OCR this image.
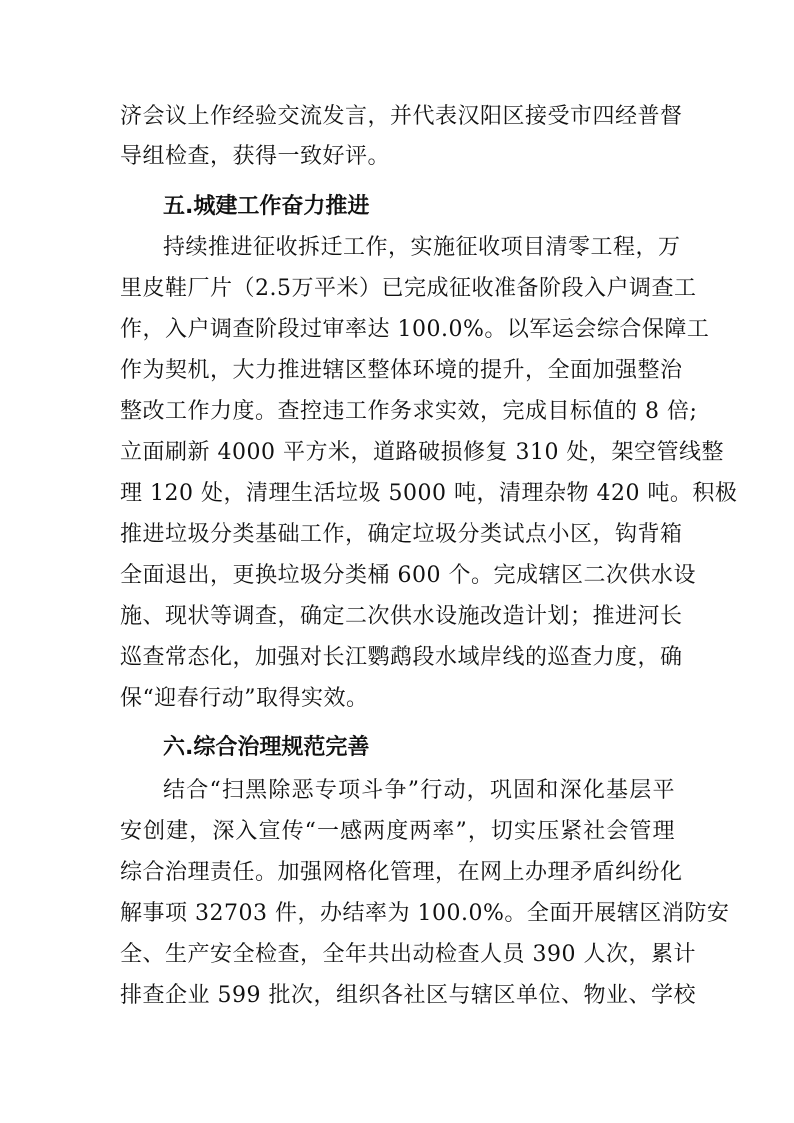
济会议上作经验交流发言，并代表汉阳区接受市四经普督
导组检查，获得一致好评。
五.城建工作奋力推进
持续推进征收拆迁工作，实施征收项目清零工程，万
里皮鞋厂片（2.5万平米）已完成征收准备阶段入户调查工
作，入户调查阶段过审率达 100.0%。以军运会综合保障工
作为契机，大力推进辖区整体环境的提升，全面加强整治
整改工作力度。查控违工作务求实效，完成目标值的 8 倍;
立面刷新 4000 平方米，道路破损修复 310 处，架空管线整
理 120 处，清理生活垃圾 5000 吨，清理杂物 420 吨。积极
推进垃圾分类基础工作，确定垃圾分类试点小区，钩背箱
全面退出，更换垃圾分类桶 600 个。完成辖区二次供水设
施、现状等调查，确定二次供水设施改造计划；推进河长
巡查常态化，加强对长江鹦鹉段水域岸线的巡查力度，确
保“迎春行动”取得实效。
六.综合治理规范完善
结合“扫黑除恶专项斗争”行动，巩固和深化基层平
安创建，深入宣传“一感两度两率”，切实压紧社会管理
综合治理责任。加强网格化管理，在网上办理矛盾纠纷化
解事项 32703 件，办结率为 100.0%。全面开展辖区消防安
全、生产安全检查，全年共出动检查人员 390 人次，累计
排查企业 599 批次，组织各社区与辖区单位、物业、学校
